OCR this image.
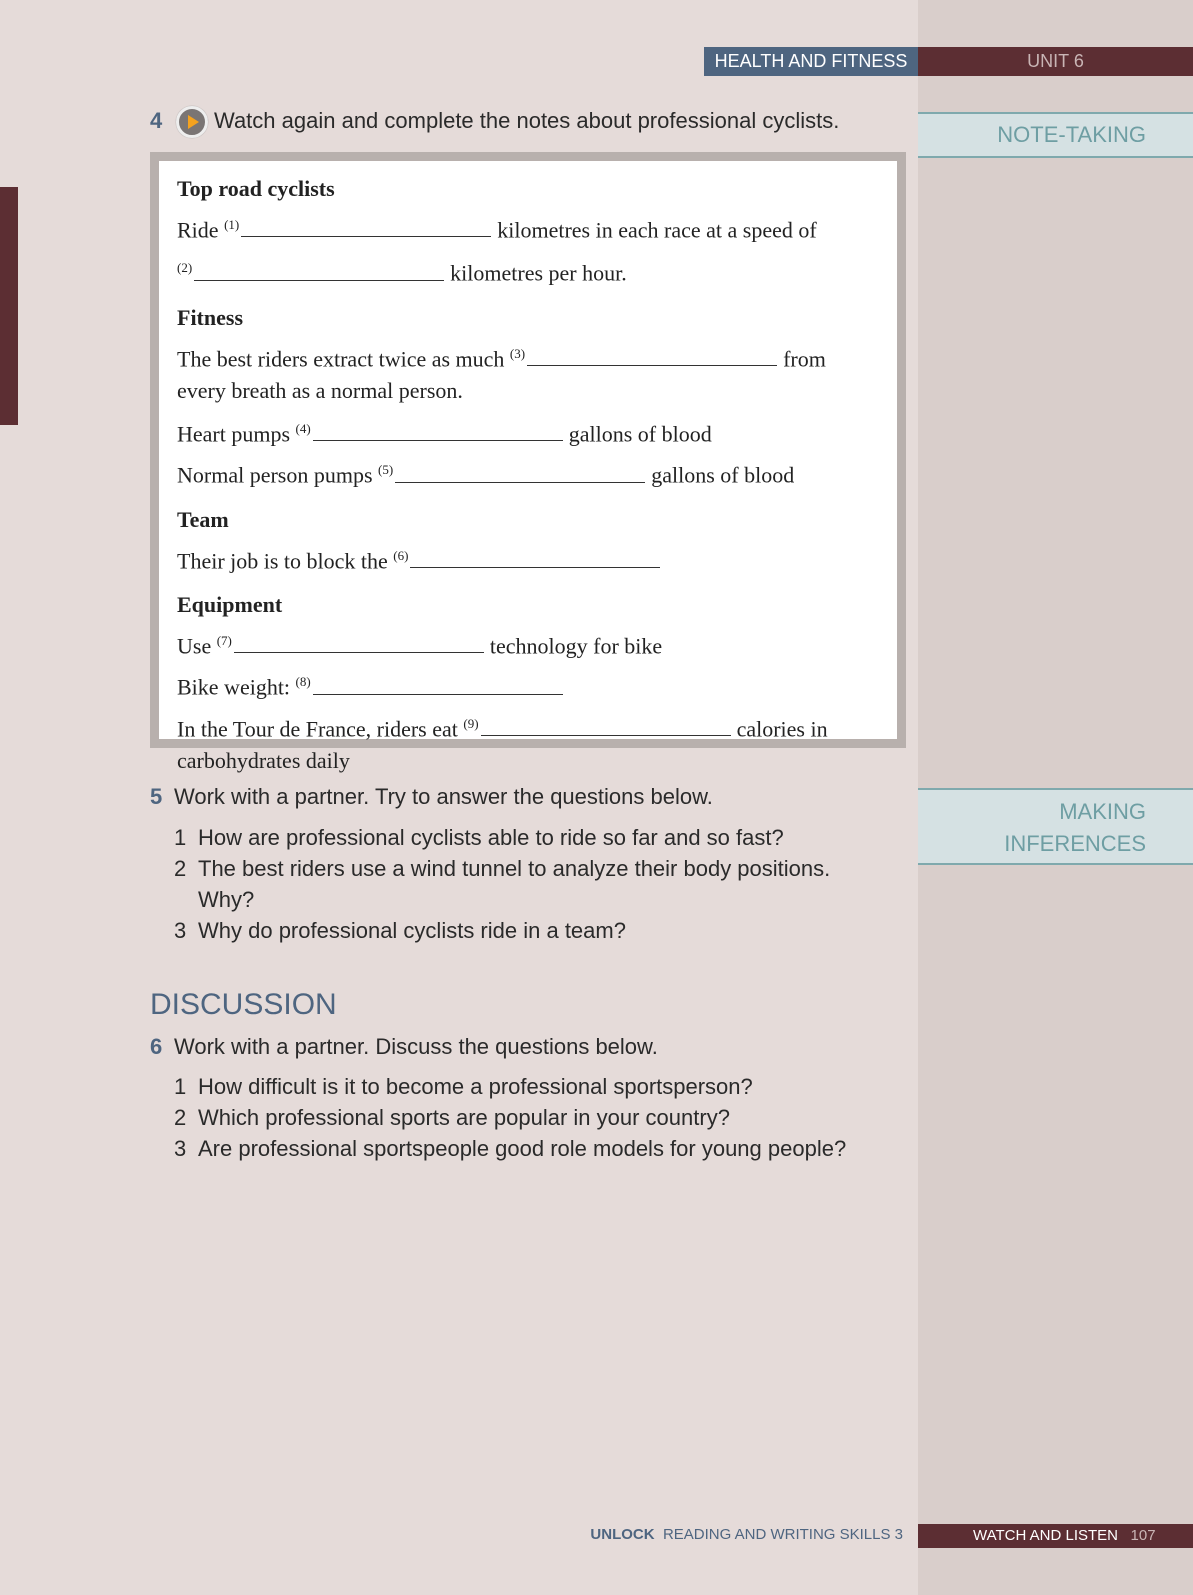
HEALTH AND FITNESS	UNIT 6
NOTE-TAKING
MAKING
INFERENCES
4 Watch again and complete the notes about professional cyclists.
Top road cyclists
Ride $^{(1)}$	kilometres in each race at a speed of
$^{(2)}$	kilometres per hour.
Fitness
The best riders extract twice as much $^{(3)}$	from
every breath as a normal person.
Heart pumps $^{(4)}$	gallons of blood
Normal person pumps $^{(5)}$	gallons of blood
Team
Their job is to block the $^{(6)}$
Equipment
Use $^{(7)}$	technology for bike
Bike weight: $^{(8)}$
In the Tour de France, riders eat $^{(9)}$	calories in
carbohydrates daily
5 Work with a partner. Try to answer the questions below.
1 How are professional cyclists able to ride so far and so fast?
2 The best riders use a wind tunnel to analyze their body positions.
Why?
3 Why do professional cyclists ride in a team?
DISCUSSION
6 Work with a partner. Discuss the questions below.
1 How difficult is it to become a professional sportsperson?
2 Which professional sports are popular in your country?
3 Are professional sportspeople good role models for young people?
UNLOCK READING AND WRITING SKILLS 3	WATCH AND LISTEN 107
